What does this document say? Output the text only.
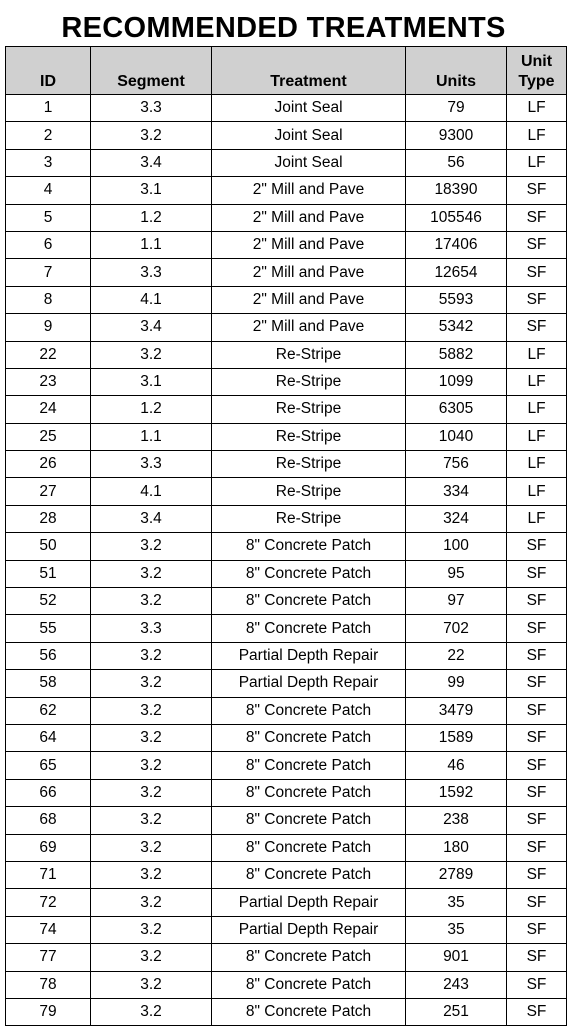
RECOMMENDED TREATMENTS
ID	Segment	Treatment	Units	Unit Type
1	3.3	Joint Seal	79	LF
2	3.2	Joint Seal	9300	LF
3	3.4	Joint Seal	56	LF
4	3.1	2" Mill and Pave	18390	SF
5	1.2	2" Mill and Pave	105546	SF
6	1.1	2" Mill and Pave	17406	SF
7	3.3	2" Mill and Pave	12654	SF
8	4.1	2" Mill and Pave	5593	SF
9	3.4	2" Mill and Pave	5342	SF
22	3.2	Re-Stripe	5882	LF
23	3.1	Re-Stripe	1099	LF
24	1.2	Re-Stripe	6305	LF
25	1.1	Re-Stripe	1040	LF
26	3.3	Re-Stripe	756	LF
27	4.1	Re-Stripe	334	LF
28	3.4	Re-Stripe	324	LF
50	3.2	8" Concrete Patch	100	SF
51	3.2	8" Concrete Patch	95	SF
52	3.2	8" Concrete Patch	97	SF
55	3.3	8" Concrete Patch	702	SF
56	3.2	Partial Depth Repair	22	SF
58	3.2	Partial Depth Repair	99	SF
62	3.2	8" Concrete Patch	3479	SF
64	3.2	8" Concrete Patch	1589	SF
65	3.2	8" Concrete Patch	46	SF
66	3.2	8" Concrete Patch	1592	SF
68	3.2	8" Concrete Patch	238	SF
69	3.2	8" Concrete Patch	180	SF
71	3.2	8" Concrete Patch	2789	SF
72	3.2	Partial Depth Repair	35	SF
74	3.2	Partial Depth Repair	35	SF
77	3.2	8" Concrete Patch	901	SF
78	3.2	8" Concrete Patch	243	SF
79	3.2	8" Concrete Patch	251	SF
